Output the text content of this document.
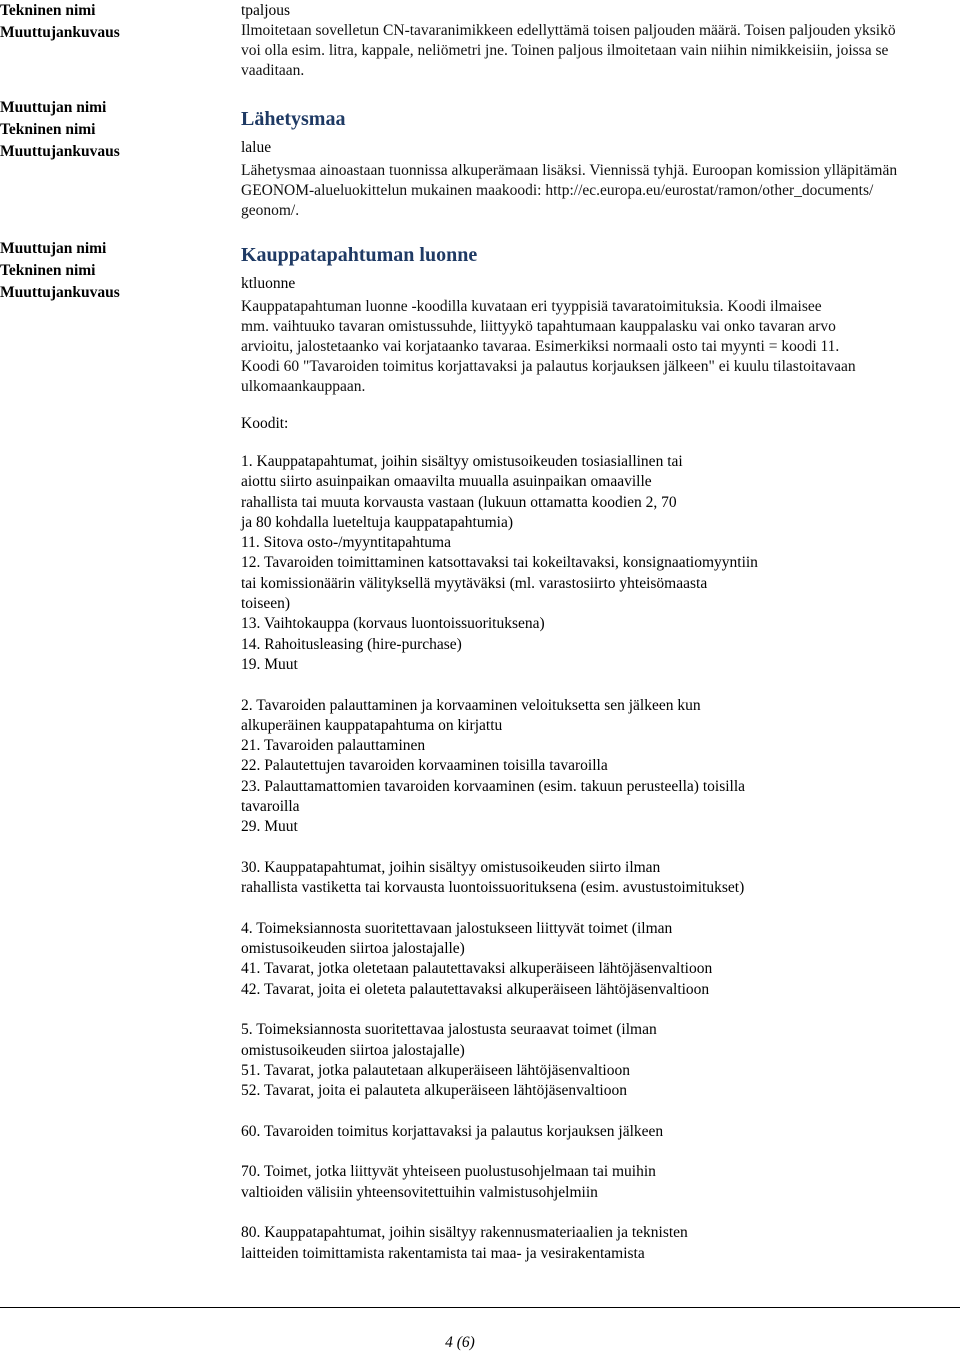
Tekninen nimi
Muuttujankuvaus
tpaljous
Ilmoitetaan sovelletun CN-tavaranimikkeen edellyttämä toisen paljouden määrä. Toisen paljouden yksikö
voi olla esim. litra, kappale, neliömetri jne. Toinen paljous ilmoitetaan vain niihin nimikkeisiin, joissa se
vaaditaan.
Muuttujan nimi
Tekninen nimi
Muuttujankuvaus
Lähetysmaa
lalue
Lähetysmaa ainoastaan tuonnissa alkuperämaan lisäksi. Viennissä tyhjä. Euroopan komission ylläpitämän
GEONOM-alueluokittelun mukainen maakoodi: http://ec.europa.eu/eurostat/ramon/other_documents/
geonom/.
Muuttujan nimi
Tekninen nimi
Muuttujankuvaus
Kauppatapahtuman luonne
ktluonne
Kauppatapahtuman luonne -koodilla kuvataan eri tyyppisiä tavaratoimituksia. Koodi ilmaisee
mm. vaihtuuko tavaran omistussuhde, liittyykö tapahtumaan kauppalasku vai onko tavaran arvo
arvioitu, jalostetaanko vai korjataanko tavaraa. Esimerkiksi normaali osto tai myynti = koodi 11.
Koodi 60 "Tavaroiden toimitus korjattavaksi ja palautus korjauksen jälkeen" ei kuulu tilastoitavaan
ulkomaankauppaan.
Koodit:
1. Kauppatapahtumat, joihin sisältyy omistusoikeuden tosiasiallinen tai
aiottu siirto asuinpaikan omaavilta muualla asuinpaikan omaaville
rahallista tai muuta korvausta vastaan (lukuun ottamatta koodien 2, 70
ja 80 kohdalla lueteltuja kauppatapahtumia)
11. Sitova osto-/myyntitapahtuma
12. Tavaroiden toimittaminen katsottavaksi tai kokeiltavaksi, konsignaatiomyyntiin
tai komissionäärin välityksellä myytäväksi (ml. varastosiirto yhteisömaasta
toiseen)
13. Vaihtokauppa (korvaus luontoissuorituksena)
14. Rahoitusleasing (hire-purchase)
19. Muut
2. Tavaroiden palauttaminen ja korvaaminen veloituksetta sen jälkeen kun
alkuperäinen kauppatapahtuma on kirjattu
21. Tavaroiden palauttaminen
22. Palautettujen tavaroiden korvaaminen toisilla tavaroilla
23. Palauttamattomien tavaroiden korvaaminen (esim. takuun perusteella) toisilla
tavaroilla
29. Muut
30. Kauppatapahtumat, joihin sisältyy omistusoikeuden siirto ilman
rahallista vastiketta tai korvausta luontoissuorituksena (esim. avustustoimitukset)
4. Toimeksiannosta suoritettavaan jalostukseen liittyvät toimet (ilman
omistusoikeuden siirtoa jalostajalle)
41. Tavarat, jotka oletetaan palautettavaksi alkuperäiseen lähtöjäsenvaltioon
42. Tavarat, joita ei oleteta palautettavaksi alkuperäiseen lähtöjäsenvaltioon
5. Toimeksiannosta suoritettavaa jalostusta seuraavat toimet (ilman
omistusoikeuden siirtoa jalostajalle)
51. Tavarat, jotka palautetaan alkuperäiseen lähtöjäsenvaltioon
52. Tavarat, joita ei palauteta alkuperäiseen lähtöjäsenvaltioon
60. Tavaroiden toimitus korjattavaksi ja palautus korjauksen jälkeen
70. Toimet, jotka liittyvät yhteiseen puolustusohjelmaan tai muihin
valtioiden välisiin yhteensovitettuihin valmistusohjelmiin
80. Kauppatapahtumat, joihin sisältyy rakennusmateriaalien ja teknisten
laitteiden toimittamista rakentamista tai maa- ja vesirakentamista
4 (6)
